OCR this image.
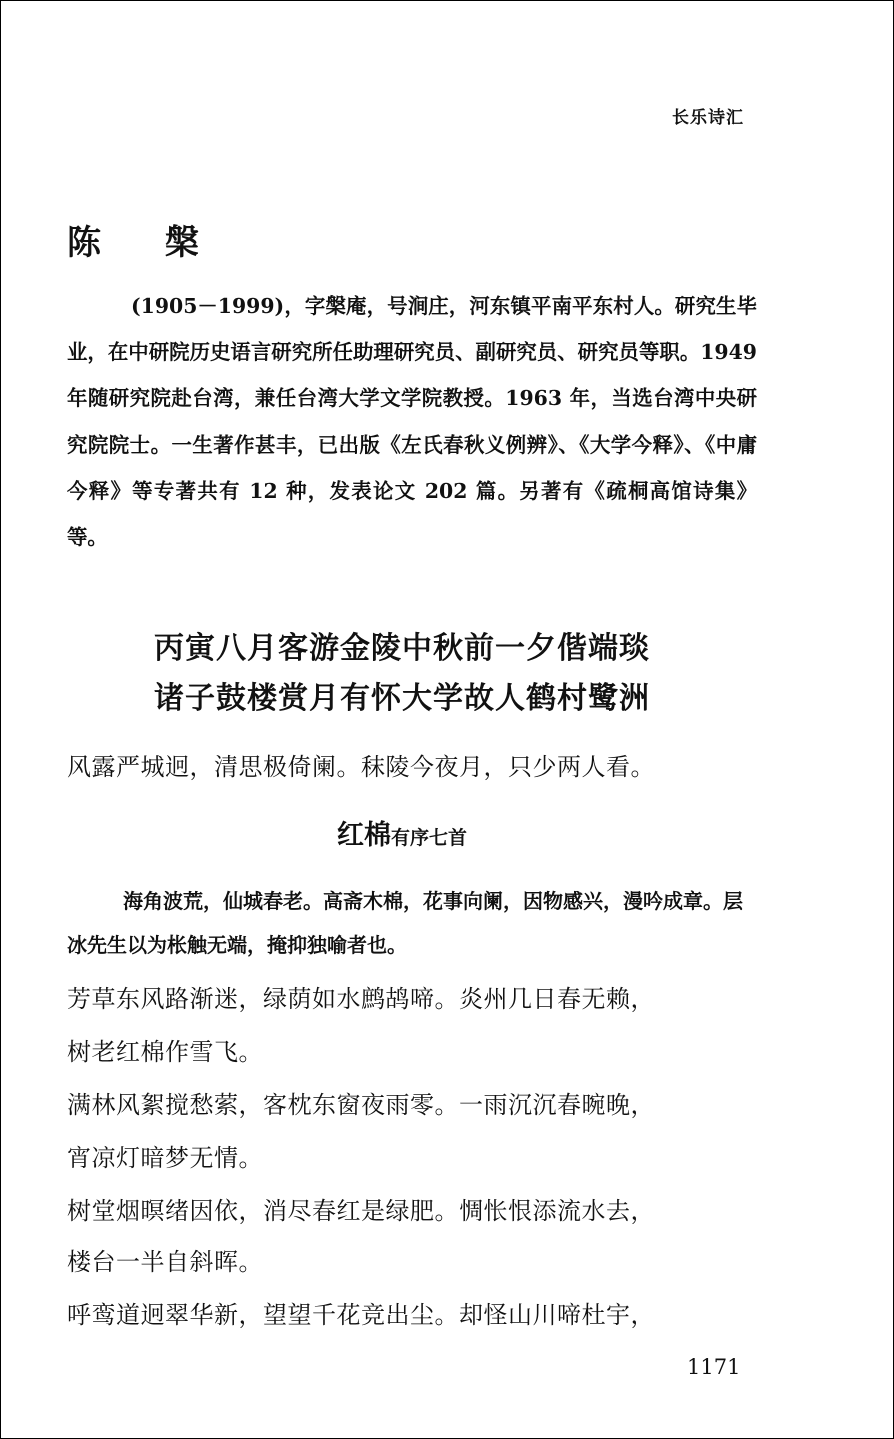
长乐诗汇
陈 槃

(1905－1999)，字槃庵，号涧庄，河东镇平南平东村人。研究生毕业，在中研院历史语言研究所任助理研究员、副研究员、研究员等职。1949 年随研究院赴台湾，兼任台湾大学文学院教授。1963 年，当选台湾中央研究院院士。一生著作甚丰，已出版《左氏春秋义例辨》、《大学今释》、《中庸今释》等专著共有 12 种，发表论文 202 篇。另著有《疏桐高馆诗集》等。

丙寅八月客游金陵中秋前一夕偕端琰
诸子鼓楼赏月有怀大学故人鹤村鹭洲
风露严城迥，清思极倚阑。秣陵今夜月，只少两人看。
红棉有序七首

海角波荒，仙城春老。高斋木棉，花事向阑，因物感兴，漫吟成章。层冰先生以为枨触无端，掩抑独喻者也。

芳草东风路渐迷，绿荫如水鹧鸪啼。炎州几日春无赖，
树老红棉作雪飞。
满林风絮搅愁萦，客枕东窗夜雨零。一雨沉沉春晼晚，
宵凉灯暗梦无情。
树堂烟暝绪因依，消尽春红是绿肥。惆怅恨添流水去，
楼台一半自斜晖。
呼鸾道迥翠华新，望望千花竞出尘。却怪山川啼杜宇，
1171
